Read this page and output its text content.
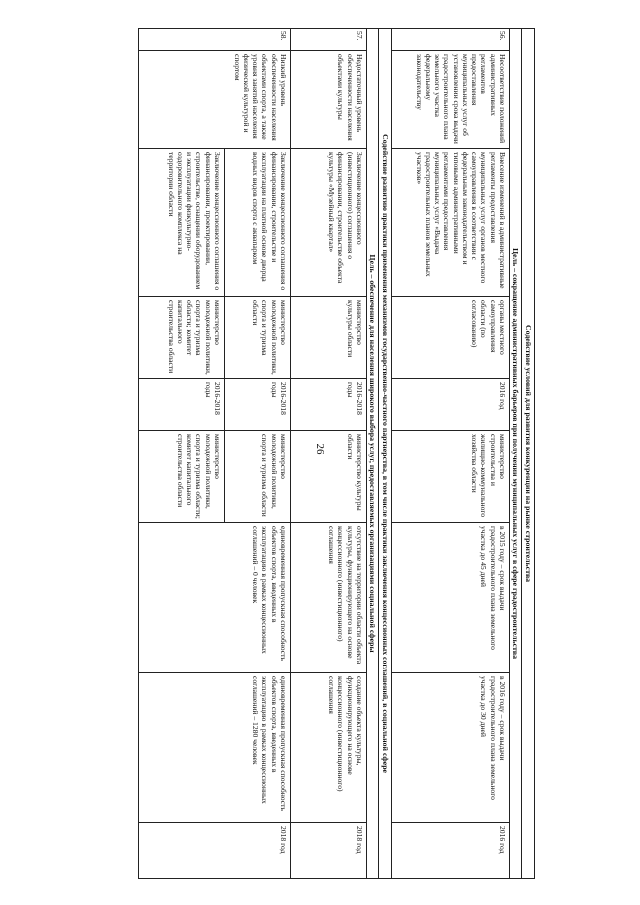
26	Содействие условий для развития конкуренции на рынке строительства								
Цель – сокращение административных барьеров при получении муниципальных услуг в сфере градостроительства								
56.	Несоответствие положений административных регламентов предоставления муниципальных услуг об установлении срока выдачи градостроительного плана земельного участка федеральному законодательству	Внесение изменений в административные регламенты предоставления муниципальных услуг органов местного самоуправления в соответствии с федеральным законодательством и типовыми административными регламентами предоставления муниципальных услуг «Выдача градостроительных планов земельных участков»	органы местного самоуправления области (по согласованию)	2016 год	министерство строительства и жилищно-коммунального хозяйства области	в 2015 году – срок выдачи градостроительного плана земельного участка до 45 дней	в 2016 году – срок выдачи градостроительного плана земельного участка до 30 дней	2016 год
Содействие развитию практики применения механизмов государственно-частного партнерства, в том числе практики заключения концессионных соглашений, в социальной сфере								
Цель – обеспечение для населения широкого выбора услуг, предоставляемых организациями социальной сферы								
57.	Недостаточный уровень обеспеченности населения объектами культуры	Заключение концессионного (инвестиционного) соглашения о финансировании, строительстве объекта культуры «Музейный квартал»	министерство культуры области	2016-2018 годы	министерство культуры области	отсутствие на территории области объекта культуры, функционирующего на основе концессионного (инвестиционного) соглашения	создание объекта культуры, функционирующего на основе концессионного (инвестиционного) соглашения	2018 год
58.	Низкий уровень обеспеченности населения объектами спорта, а также уровня занятий населения физической культурой и спортом	Заключение концессионного соглашения о финансировании, строительстве и эксплуатации на платной основе дворца водных видов спорта с аквапарком	министерство молодежной политики, спорта и туризма области	2016-2018 годы	министерство молодежной политики, спорта и туризма области	единовременная пропускная способность объектов спорта, введенных в эксплуатацию в рамках концессионных соглашений – 0 человек	единовременная пропускная способность объектов спорта, введенных в эксплуатацию в рамках концессионных соглашений – 1280 человек	2018 год
		Заключение концессионного соглашения о финансировании, проектировании, строительстве, оснащении оборудованием и эксплуатации физкультурно-оздоровительного комплекса на территории области	министерство молодежной политики, спорта и туризма области; комитет капитального строительства области	2016-2018 годы	министерство молодежной политики, спорта и туризма области; комитет капитального строительства области			
